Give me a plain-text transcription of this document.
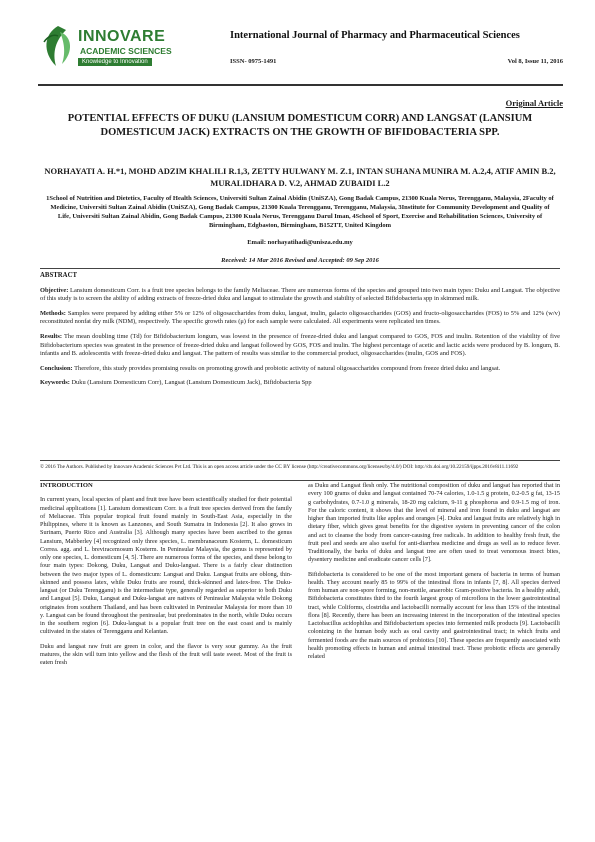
INNOVARE
ACADEMIC SCIENCES
Knowledge to Innovation
International Journal of Pharmacy and Pharmaceutical Sciences
ISSN- 0975-1491	Vol 8, Issue 11, 2016
Original Article
POTENTIAL EFFECTS OF DUKU (LANSIUM DOMESTICUM CORR) AND LANGSAT (LANSIUM DOMESTICUM JACK) EXTRACTS ON THE GROWTH OF BIFIDOBACTERIA SPP.
NORHAYATI A. H.*1, MOHD ADZIM KHALILI R.1,3, ZETTY HULWANY M. Z.1, INTAN SUHANA MUNIRA M. A.2,4, ATIF AMIN B.2, MURALIDHARA D. V.2, AHMAD ZUBAIDI L.2
1School of Nutrition and Dietetics, Faculty of Health Sciences, Universiti Sultan Zainal Abidin (UniSZA), Gong Badak Campus, 21300 Kuala Nerus, Terengganu, Malaysia, 2Faculty of Medicine, Universiti Sultan Zainal Abidin (UniSZA), Gong Badak Campus, 21300 Kuala Terengganu, Terengganu, Malaysia, 3Institute for Community Development and Quality of Life, Universiti Sultan Zainal Abidin, Gong Badak Campus, 21300 Kuala Nerus, Terengganu Darul Iman, 4School of Sport, Exercise and Rehabilitation Sciences, University of Birmingham, Edgbaston, Birmingham, B152TT, United Kingdom
Email: norhayatihadi@unisza.edu.my
Received: 14 Mar 2016 Revised and Accepted: 09 Sep 2016
ABSTRACT

Objective: Lansium domesticum Corr. is a fruit tree species belongs to the family Meliaceae. There are numerous forms of the species and grouped into two main types: Duku and Langsat. The objective of this study is to screen the ability of adding extracts of freeze-dried duku and langsat to stimulate the growth and stability of selected Bifidobacteria spp in skimmed milk.

Methods: Samples were prepared by adding either 5% or 12% of oligosaccharides from duku, langsat, inulin, galacto oligosaccharides (GOS) and fructo-oligosaccharides (FOS) to 5% and 12% (w/v) reconstituted nonfat dry milk (NDM), respectively. The specific growth rates (μ) for each sample were calculated. All experiments were replicated ten times.

Results: The mean doubling time (Td) for Bifidobacterium longum, was lowest in the presence of freeze-dried duku and langsat compared to GOS, FOS and inulin. Retention of the viability of five Bifidobacterium species was greatest in the presence of freeze-dried duku and langsat followed by GOS, FOS and inulin. The highest percentage of acetic and lactic acids were produced by B. longum, B. infantis and B. adolescentis with freeze-dried duku and langsat. The pattern of results was similar to the commercial product, oligosaccharides (inulin, GOS and FOS).

Conclusion: Therefore, this study provides promising results on promoting growth and probiotic activity of natural oligosaccharides compound from freeze dried duku and langsat.

Keywords: Duku (Lansium Domesticum Corr), Langsat (Lansium Domesticum Jack), Bifidobacteria Spp

© 2016 The Authors. Published by Innovare Academic Sciences Pvt Ltd. This is an open access article under the CC BY license (http://creativecommons.org/licenses/by/4.0/) DOI: http://dx.doi.org/10.22159/ijpps.2016v8i11.11692
INTRODUCTION

In current years, local species of plant and fruit tree have been scientifically studied for their potential medicinal applications [1]. Lansium domesticum Corr. is a fruit tree species derived from the family of Meliaceae. This popular tropical fruit found mainly in South-East Asia, especially in the Philippines, where it is known as Lanzones, and South Sumatra in Indonesia [2]. It also grows in Surinam, Puerto Rico and Australia [3]. Although many species have been ascribed to the genus Lansium, Mabberley [4] recognized only three species, L. membranaceum Kosterm, L. domesticum Correa. agg. and L. breviracemosum Kosterm. In Peninsular Malaysia, the genus is represented by only one species, L. domesticum [4, 5]. There are numerous forms of the species, and these belong to four main types: Dokong, Duku, Langsat and Duku-langsat. There is a fairly clear distinction between the two major types of L. domesticum: Langsat and Duku. Langsat fruits are oblong, thin-skinned and possess latex, while Duku fruits are round, thick-skinned and latex-free. The Duku-langsat (or Duku Terengganu) is the intermediate type, generally regarded as superior to both Duku and Langsat [5]. Duku, Langsat and Duku-langsat are natives of Peninsular Malaysia while Dokong originates from southern Thailand, and has been cultivated in Peninsular Malaysia for more than 10 y. Langsat can be found throughout the peninsular, but predominates in the north, while Duku occurs in the southern region [6]. Duku-langsat is a popular fruit tree on the east coast and is mainly cultivated in the states of Terengganu and Kelantan.

Duku and langsat raw fruit are green in color, and the flavor is very sour gummy. As the fruit matures, the skin will turn into yellow and the flesh of the fruit will taste sweet. Most of the fruit is eaten fresh

as Duku and Langsat flesh only. The nutritional composition of duku and langsat has reported that in every 100 grams of duku and langsat contained 70-74 calories, 1.0-1.5 g protein, 0.2-0.5 g fat, 13-15 g carbohydrates, 0.7-1.0 g minerals, 18-20 mg calcium, 9-11 g phosphorus and 0.9-1.5 mg of iron. For the caloric content, it shows that the level of mineral and iron found in duku and langsat are higher than imported fruits like apples and oranges [4]. Duku and langsat fruits are relatively high in dietary fiber, which gives great benefits for the digestive system in preventing cancer of the colon and act to cleanse the body from cancer-causing free radicals. In addition to healthy fresh fruit, the fruit peel and seeds are also useful for anti-diarrhea medicine and drugs as well as to reduce fever. Traditionally, the barks of duku and langsat tree are often used to treat venomous insect bites, dysentery medicine and eradicate cancer cells [7].

Bifidobacteria is considered to be one of the most important genera of bacteria in terms of human health. They account nearly 85 to 99% of the intestinal flora in infants [7, 8]. All species derived from human are non-spore forming, non-motile, anaerobic Gram-positive bacteria. In a healthy adult, Bifidobacteria constitutes third to the fourth largest group of microflora in the lower gastrointestinal tract, while Coliforms, clostridia and lactobacilli normally account for less than 15% of the intestinal flora [8]. Recently, there has been an increasing interest in the incorporation of the intestinal species Lactobacillus acidophilus and Bifidobacterium species into fermented milk products [9]. Lactobacilli colonizing in the human body such as oral cavity and gastrointestinal tract; in which fruits and fermented foods are the main sources of probiotics [10]. These species are frequently associated with health promoting effects in human and animal intestinal tract. These probiotic effects are generally related
